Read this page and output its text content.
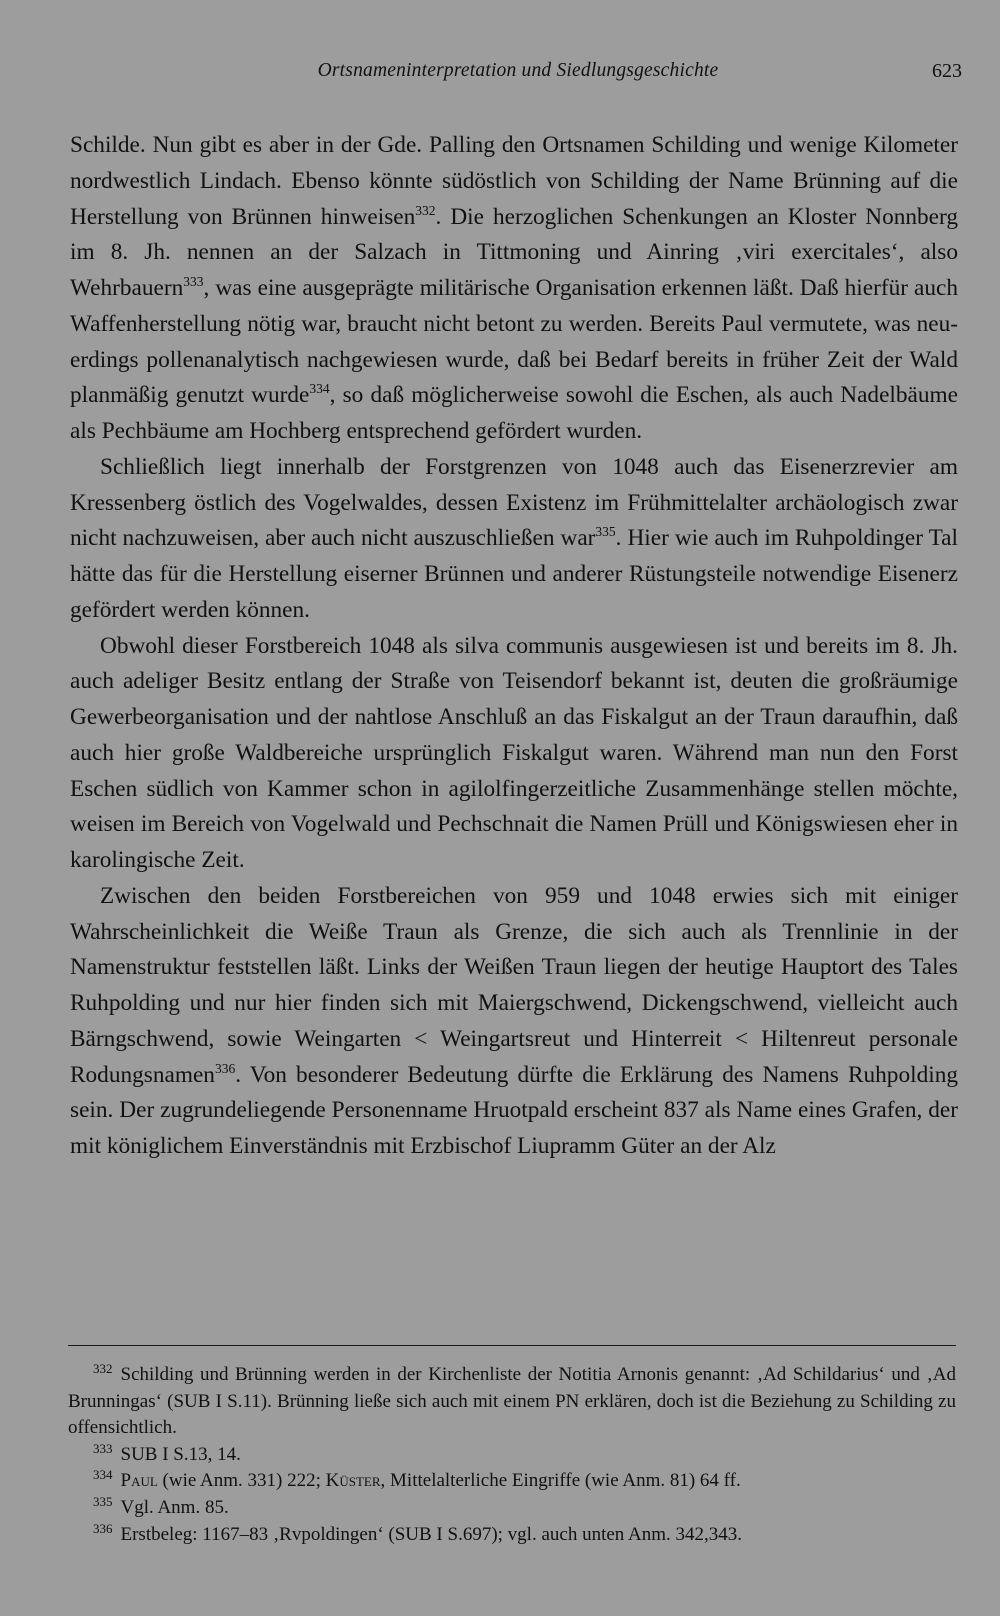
Ortsnameninterpretation und Siedlungsgeschichte	623

Schilde. Nun gibt es aber in der Gde. Palling den Ortsnamen Schilding und wenige Kilometer nordwestlich Lindach. Ebenso könnte südöstlich von Schilding der Name Brünning auf die Herstellung von Brünnen hinweisen$^{332}$. Die herzoglichen Schenkungen an Kloster Nonnberg im 8. Jh. nennen an der Salzach in Tittmoning und Ainring ‚viri exercitales‘, also Wehrbauern$^{333}$, was eine ausgeprägte militärische Organisation erkennen läßt. Daß hierfür auch Waffenherstellung nötig war, braucht nicht betont zu werden. Bereits Paul vermutete, was neuerdings pollenanalytisch nachgewiesen wurde, daß bei Bedarf bereits in früher Zeit der Wald planmäßig genutzt wurde$^{334}$, so daß möglicherweise sowohl die Eschen, als auch Nadelbäume als Pechbäume am Hochberg entsprechend gefördert wurden.

Schließlich liegt innerhalb der Forstgrenzen von 1048 auch das Eisenerzrevier am Kressenberg östlich des Vogelwaldes, dessen Existenz im Frühmittelalter archäologisch zwar nicht nachzuweisen, aber auch nicht auszuschließen war$^{335}$. Hier wie auch im Ruhpoldinger Tal hätte das für die Herstellung eiserner Brünnen und anderer Rüstungsteile notwendige Eisenerz gefördert werden können.

Obwohl dieser Forstbereich 1048 als silva communis ausgewiesen ist und bereits im 8. Jh. auch adeliger Besitz entlang der Straße von Teisendorf bekannt ist, deuten die großräumige Gewerbeorganisation und der nahtlose Anschluß an das Fiskalgut an der Traun daraufhin, daß auch hier große Waldbereiche ursprünglich Fiskalgut waren. Während man nun den Forst Eschen südlich von Kammer schon in agilolfingerzeitliche Zusammenhänge stellen möchte, weisen im Bereich von Vogelwald und Pechschnait die Namen Prüll und Königswiesen eher in karolingische Zeit.

Zwischen den beiden Forstbereichen von 959 und 1048 erwies sich mit einiger Wahrscheinlichkeit die Weiße Traun als Grenze, die sich auch als Trennlinie in der Namenstruktur feststellen läßt. Links der Weißen Traun liegen der heutige Hauptort des Tales Ruhpolding und nur hier finden sich mit Maiergschwend, Dickengschwend, vielleicht auch Bärngschwend, sowie Weingarten < Weingartsreut und Hinterreit < Hiltenreut personale Rodungsnamen$^{336}$. Von besonderer Bedeutung dürfte die Erklärung des Namens Ruhpolding sein. Der zugrundeliegende Personenname Hruotpald erscheint 837 als Name eines Grafen, der mit königlichem Einverständnis mit Erzbischof Liupramm Güter an der Alz

$^{332}$ Schilding und Brünning werden in der Kirchenliste der Notitia Arnonis genannt: ‚Ad Schildarius‘ und ‚Ad Brunningas‘ (SUB I S.11). Brünning ließe sich auch mit einem PN erklären, doch ist die Beziehung zu Schilding zu offensichtlich.

$^{333}$ SUB I S.13, 14.

$^{334}$ Paul (wie Anm. 331) 222; Küster, Mittelalterliche Eingriffe (wie Anm. 81) 64 ff.

$^{335}$ Vgl. Anm. 85.

$^{336}$ Erstbeleg: 1167–83 ‚Rvpoldingen‘ (SUB I S.697); vgl. auch unten Anm. 342,343.
